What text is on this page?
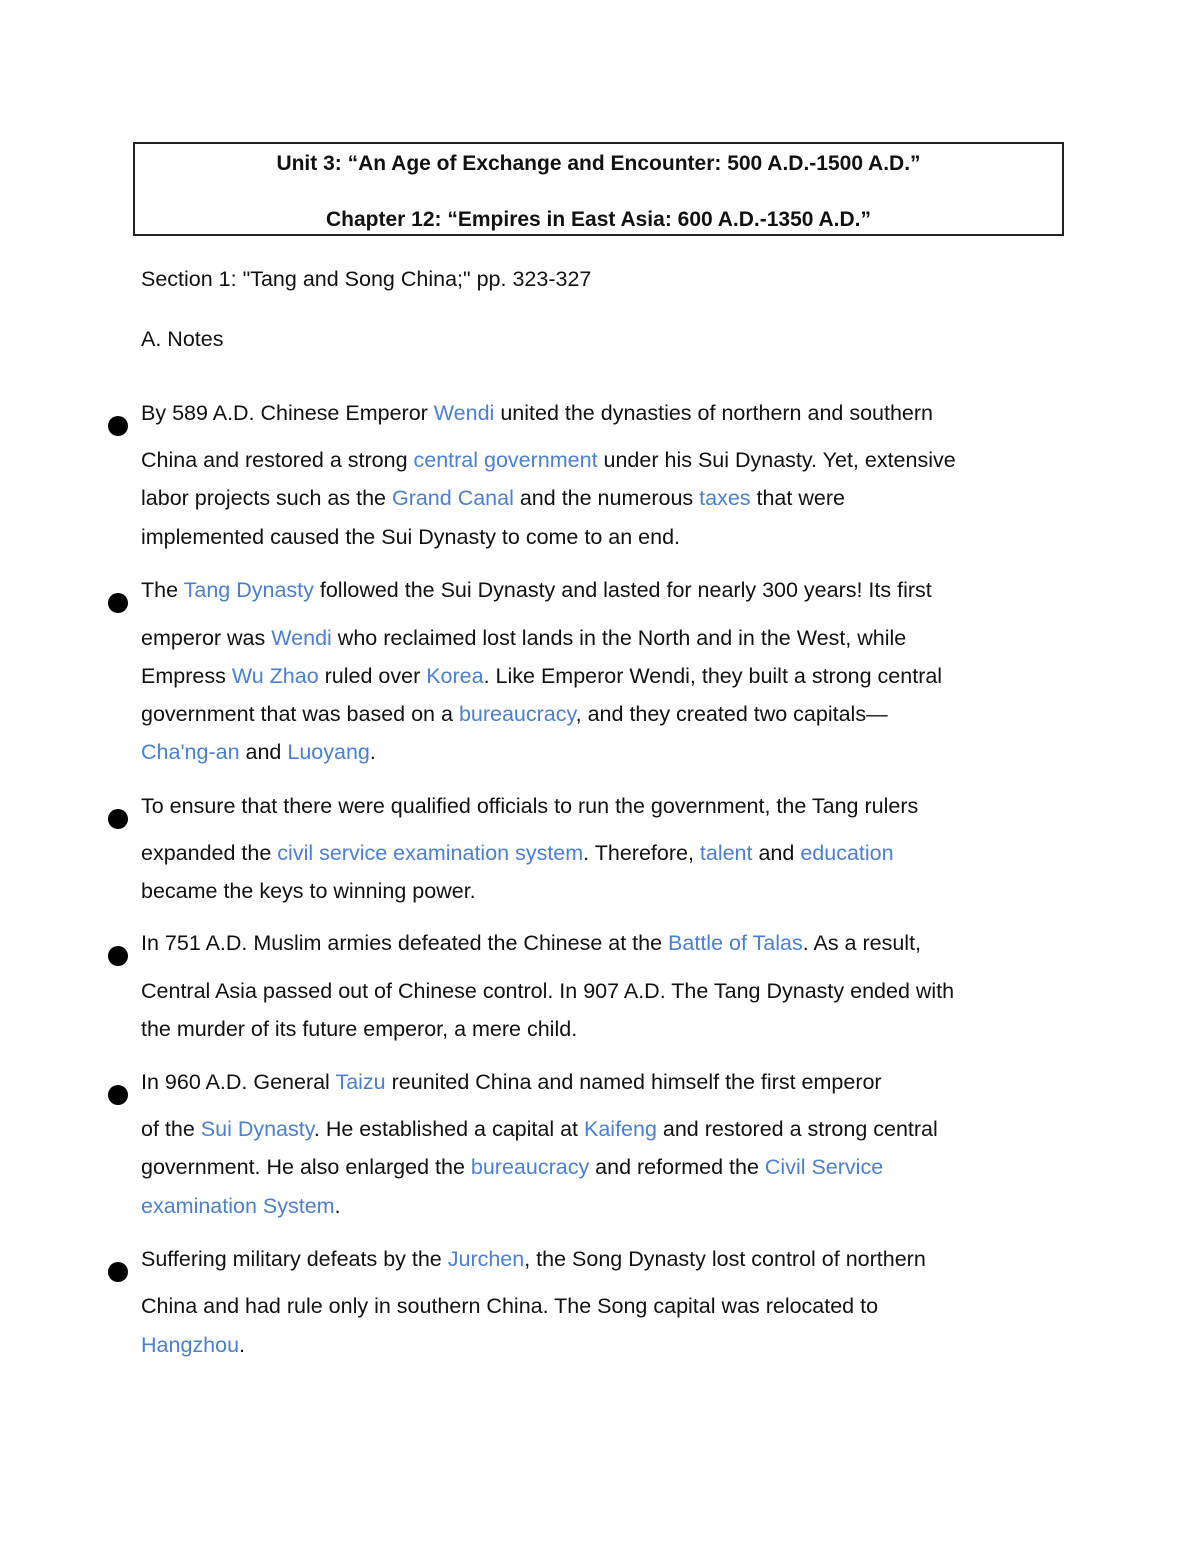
Unit 3: “An Age of Exchange and Encounter: 500 A.D.-1500 A.D.”
Chapter 12: “Empires in East Asia: 600 A.D.-1350 A.D.”
Section 1: "Tang and Song China;" pp. 323-327
A. Notes
By 589 A.D. Chinese Emperor Wendi united the dynasties of northern and southern
China and restored a strong central government under his Sui Dynasty. Yet, extensive
labor projects such as the Grand Canal and the numerous taxes that were
implemented caused the Sui Dynasty to come to an end.
The Tang Dynasty followed the Sui Dynasty and lasted for nearly 300 years! Its first
emperor was Wendi who reclaimed lost lands in the North and in the West, while
Empress Wu Zhao ruled over Korea. Like Emperor Wendi, they built a strong central
government that was based on a bureaucracy, and they created two capitals—
Cha'ng-an and Luoyang.
To ensure that there were qualified officials to run the government, the Tang rulers
expanded the civil service examination system. Therefore, talent and education
became the keys to winning power.
In 751 A.D. Muslim armies defeated the Chinese at the Battle of Talas. As a result,
Central Asia passed out of Chinese control. In 907 A.D. The Tang Dynasty ended with
the murder of its future emperor, a mere child.
In 960 A.D. General Taizu reunited China and named himself the first emperor
of the Sui Dynasty. He established a capital at Kaifeng and restored a strong central
government. He also enlarged the bureaucracy and reformed the Civil Service
examination System.
Suffering military defeats by the Jurchen, the Song Dynasty lost control of northern
China and had rule only in southern China. The Song capital was relocated to
Hangzhou.
